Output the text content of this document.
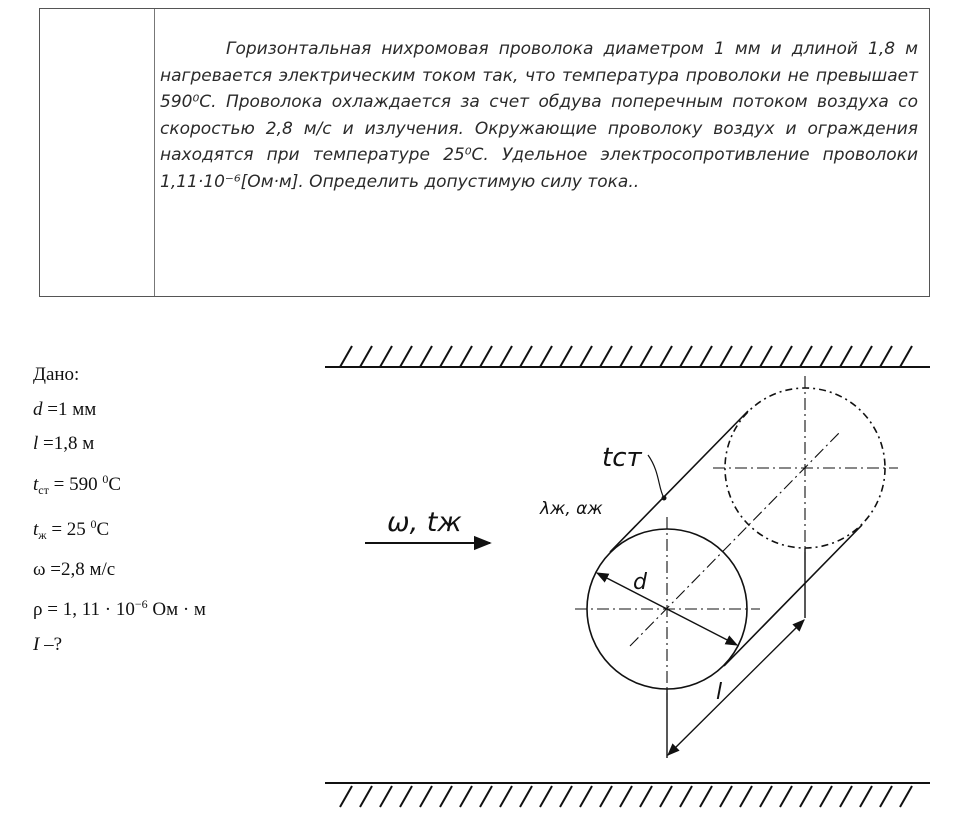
Горизонтальная нихромовая проволока диаметром 1 мм и длиной 1,8 м нагревается электрическим током так, что температура проволоки не превышает 590⁰С. Проволока охлаждается за счет обдува поперечным потоком воздуха со скоростью 2,8 м/с и излучения. Окружающие проволоку воздух и ограждения находятся при температуре 25⁰С. Удельное электросопротивление проволоки 1,11·10⁻⁶[Ом·м]. Определить допустимую силу тока..

Дано:
d =1 мм
l =1,8 м
$t_{ст} = 590$ $^0$С
$t_ж = 25$ $^0$С
ω =2,8 м/с
ρ = 1, $11 \cdot 10^{-6}$ Ом · м
I –?
ω, tж
l
d
tст
λж, αж
